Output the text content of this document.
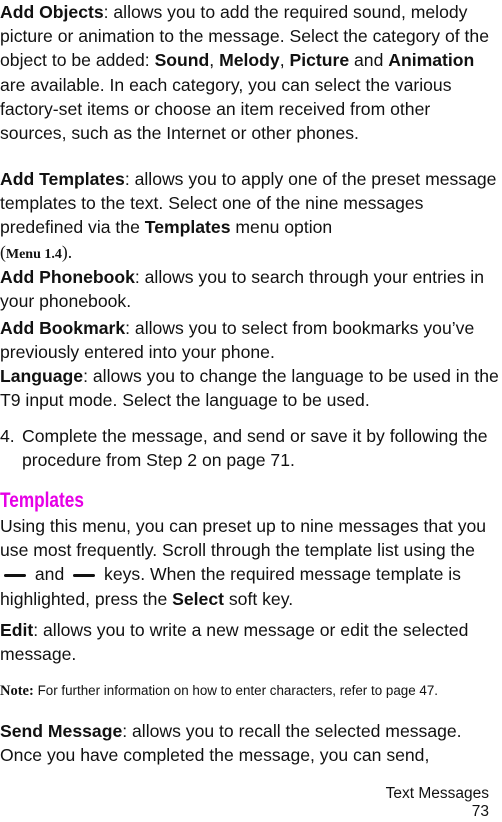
Add Objects: allows you to add the required sound, melody picture or animation to the message. Select the category of the object to be added: Sound, Melody, Picture and Animation are available. In each category, you can select the various factory-set items or choose an item received from other sources, such as the Internet or other phones.
Add Templates: allows you to apply one of the preset message templates to the text. Select one of the nine messages predefined via the Templates menu option
(Menu 1.4).
Add Phonebook: allows you to search through your entries in your phonebook.
Add Bookmark: allows you to select from bookmarks you’ve previously entered into your phone.
Language: allows you to change the language to be used in the T9 input mode. Select the language to be used.
4. Complete the message, and send or save it by following the procedure from Step 2 on page 71.
Templates
Using this menu, you can preset up to nine messages that you use most frequently. Scroll through the template list using the  and  keys. When the required message template is highlighted, press the Select soft key.
Edit: allows you to write a new message or edit the selected message.
Note: For further information on how to enter characters, refer to page 47.
Send Message: allows you to recall the selected message. Once you have completed the message, you can send,
Text Messages
73
